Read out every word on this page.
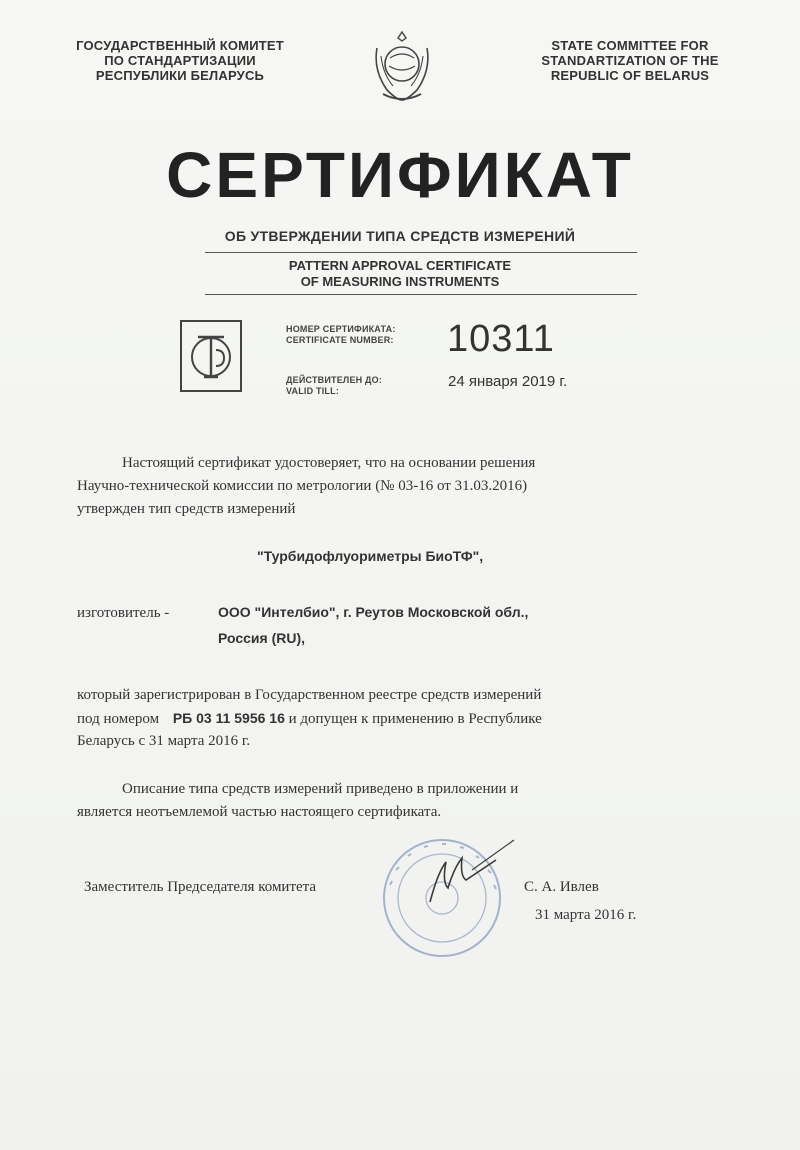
ГОСУДАРСТВЕННЫЙ КОМИТЕТ
ПО СТАНДАРТИЗАЦИИ
РЕСПУБЛИКИ БЕЛАРУСЬ
STATE COMMITTEE FOR
STANDARTIZATION OF THE
REPUBLIC OF BELARUS
СЕРТИФИКАТ
ОБ УТВЕРЖДЕНИИ ТИПА СРЕДСТВ ИЗМЕРЕНИЙ
PATTERN APPROVAL CERTIFICATE
OF MEASURING INSTRUMENTS
НОМЕР СЕРТИФИКАТА:
CERTIFICATE NUMBER: 10311
ДЕЙСТВИТЕЛЕН ДО:
VALID TILL:
24 января 2019 г.
Настоящий сертификат удостоверяет, что на основании решения
Научно-технической комиссии по метрологии (№ 03-16 от 31.03.2016)
утвержден тип средств измерений
"Турбидофлуориметры БиоТФ",
изготовитель -	ООО "Интелбио", г. Реутов Московской обл.,
Россия (RU),
который зарегистрирован в Государственном реестре средств измерений
под номером РБ 03 11 5956 16 и допущен к применению в Республике
Беларусь с 31 марта 2016 г.
Описание типа средств измерений приведено в приложении и
является неотъемлемой частью настоящего сертификата.
Заместитель Председателя комитета	С. А. Ивлев
31 марта 2016 г.
